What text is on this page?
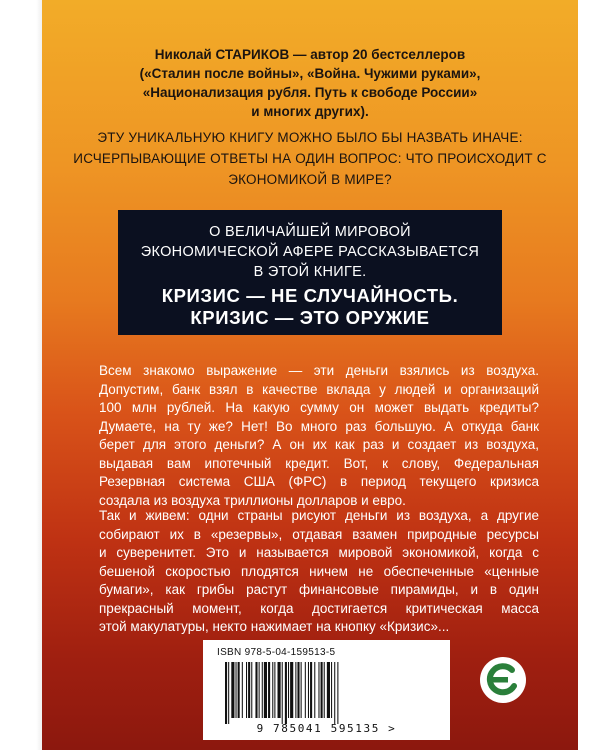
Николай СТАРИКОВ — автор 20 бестселлеров
(«Сталин после войны», «Война. Чужими руками»,
«Национализация рубля. Путь к свободе России»
и многих других).
ЭТУ УНИКАЛЬНУЮ КНИГУ МОЖНО БЫЛО БЫ НАЗВАТЬ ИНАЧЕ:
ИСЧЕРПЫВАЮЩИЕ ОТВЕТЫ НА ОДИН ВОПРОС: ЧТО ПРОИСХОДИТ С
ЭКОНОМИКОЙ В МИРЕ?
О ВЕЛИЧАЙШЕЙ МИРОВОЙ
ЭКОНОМИЧЕСКОЙ АФЕРЕ РАССКАЗЫВАЕТСЯ
В ЭТОЙ КНИГЕ.
КРИЗИС — НЕ СЛУЧАЙНОСТЬ.
КРИЗИС — ЭТО ОРУЖИЕ
Всем знакомо выражение — эти деньги взялись из воздуха.
Допустим, банк взял в качестве вклада у людей и организаций
100 млн рублей. На какую сумму он может выдать кредиты?
Думаете, на ту же? Нет! Во много раз большую. А откуда банк
берет для этого деньги? А он их как раз и создает из воздуха,
выдавая вам ипотечный кредит. Вот, к слову, Федеральная
Резервная система США (ФРС) в период текущего кризиса
создала из воздуха триллионы долларов и евро.
Так и живем: одни страны рисуют деньги из воздуха, а другие
собирают их в «резервы», отдавая взамен природные ресурсы
и суверенитет. Это и называется мировой экономикой, когда с
бешеной скоростью плодятся ничем не обеспеченные «ценные
бумаги», как грибы растут финансовые пирамиды, и в один
прекрасный момент, когда достигается критическая масса
этой макулатуры, некто нажимает на кнопку «Кризис»...
ISBN 978-5-04-159513-5
9 785041 595135 >
